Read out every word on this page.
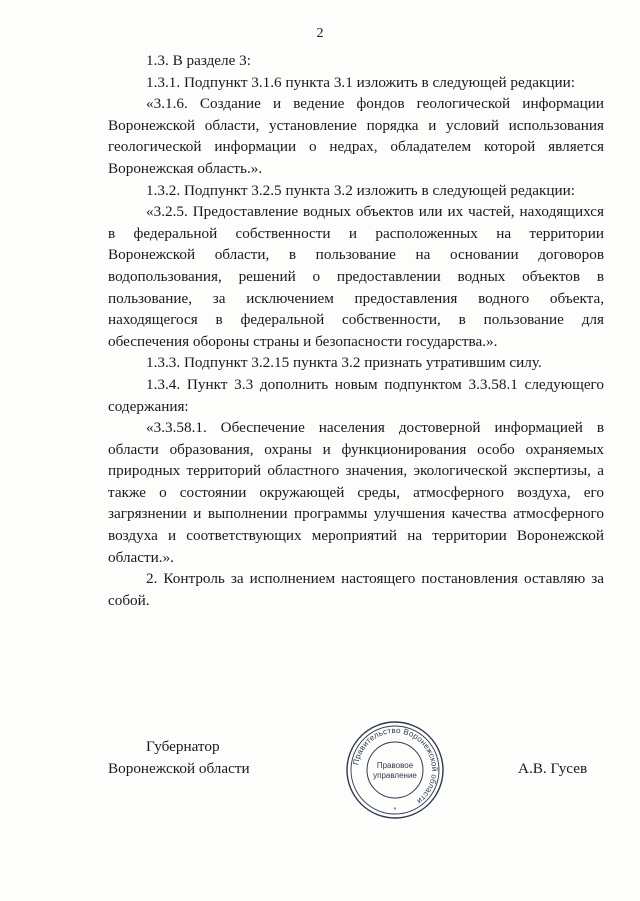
2

1.3. В разделе 3:

1.3.1. Подпункт 3.1.6 пункта 3.1 изложить в следующей редакции:

«3.1.6. Создание и ведение фондов геологической информации Воронежской области, установление порядка и условий использования геологической информации о недрах, обладателем которой является Воронежская область.».

1.3.2. Подпункт 3.2.5 пункта 3.2 изложить в следующей редакции:

«3.2.5. Предоставление водных объектов или их частей, находящихся в федеральной собственности и расположенных на территории Воронежской области, в пользование на основании договоров водопользования, решений о предоставлении водных объектов в пользование, за исключением предоставления водного объекта, находящегося в федеральной собственности, в пользование для обеспечения обороны страны и безопасности государства.».

1.3.3. Подпункт 3.2.15 пункта 3.2 признать утратившим силу.

1.3.4. Пункт 3.3 дополнить новым подпунктом 3.3.58.1 следующего содержания:

«3.3.58.1. Обеспечение населения достоверной информацией в области образования, охраны и функционирования особо охраняемых природных территорий областного значения, экологической экспертизы, а также о состоянии окружающей среды, атмосферного воздуха, его загрязнении и выполнении программы улучшения качества атмосферного воздуха и соответствующих мероприятий на территории Воронежской области.».

2. Контроль за исполнением настоящего постановления оставляю за собой.

Правительство Воронежской области
Правовое
управление
*
Губернатор
Воронежской области	А.В. Гусев
